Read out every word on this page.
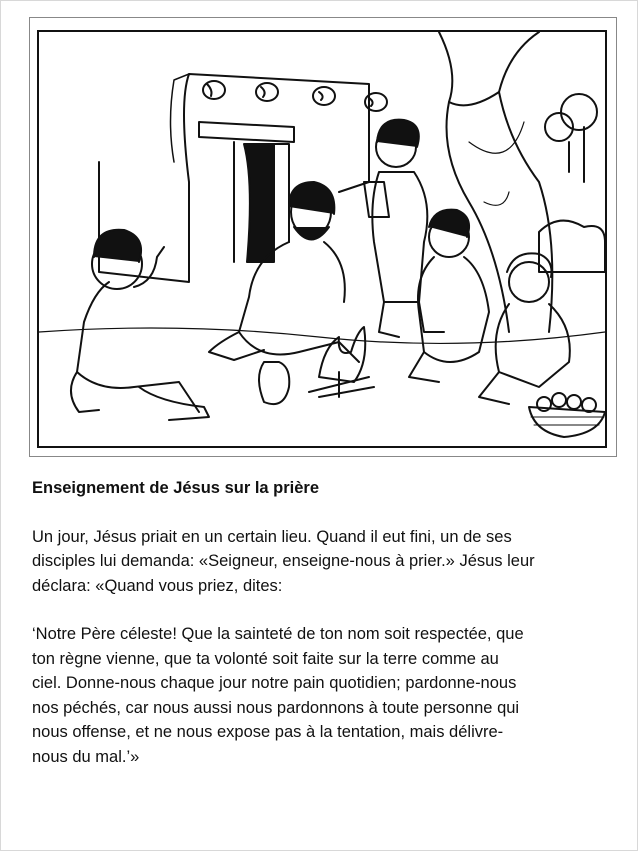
Enseignement de Jésus sur la prière

Un jour, Jésus priait en un certain lieu. Quand il eut fini, un de ses

disciples lui demanda: «Seigneur, enseigne-nous à prier.» Jésus leur

déclara: «Quand vous priez, dites:

‘Notre Père céleste! Que la sainteté de ton nom soit respectée, que

ton règne vienne, que ta volonté soit faite sur la terre comme au

ciel. Donne-nous chaque jour notre pain quotidien; pardonne-nous

nos péchés, car nous aussi nous pardonnons à toute personne qui

nous offense, et ne nous expose pas à la tentation, mais délivre-

nous du mal.’»
